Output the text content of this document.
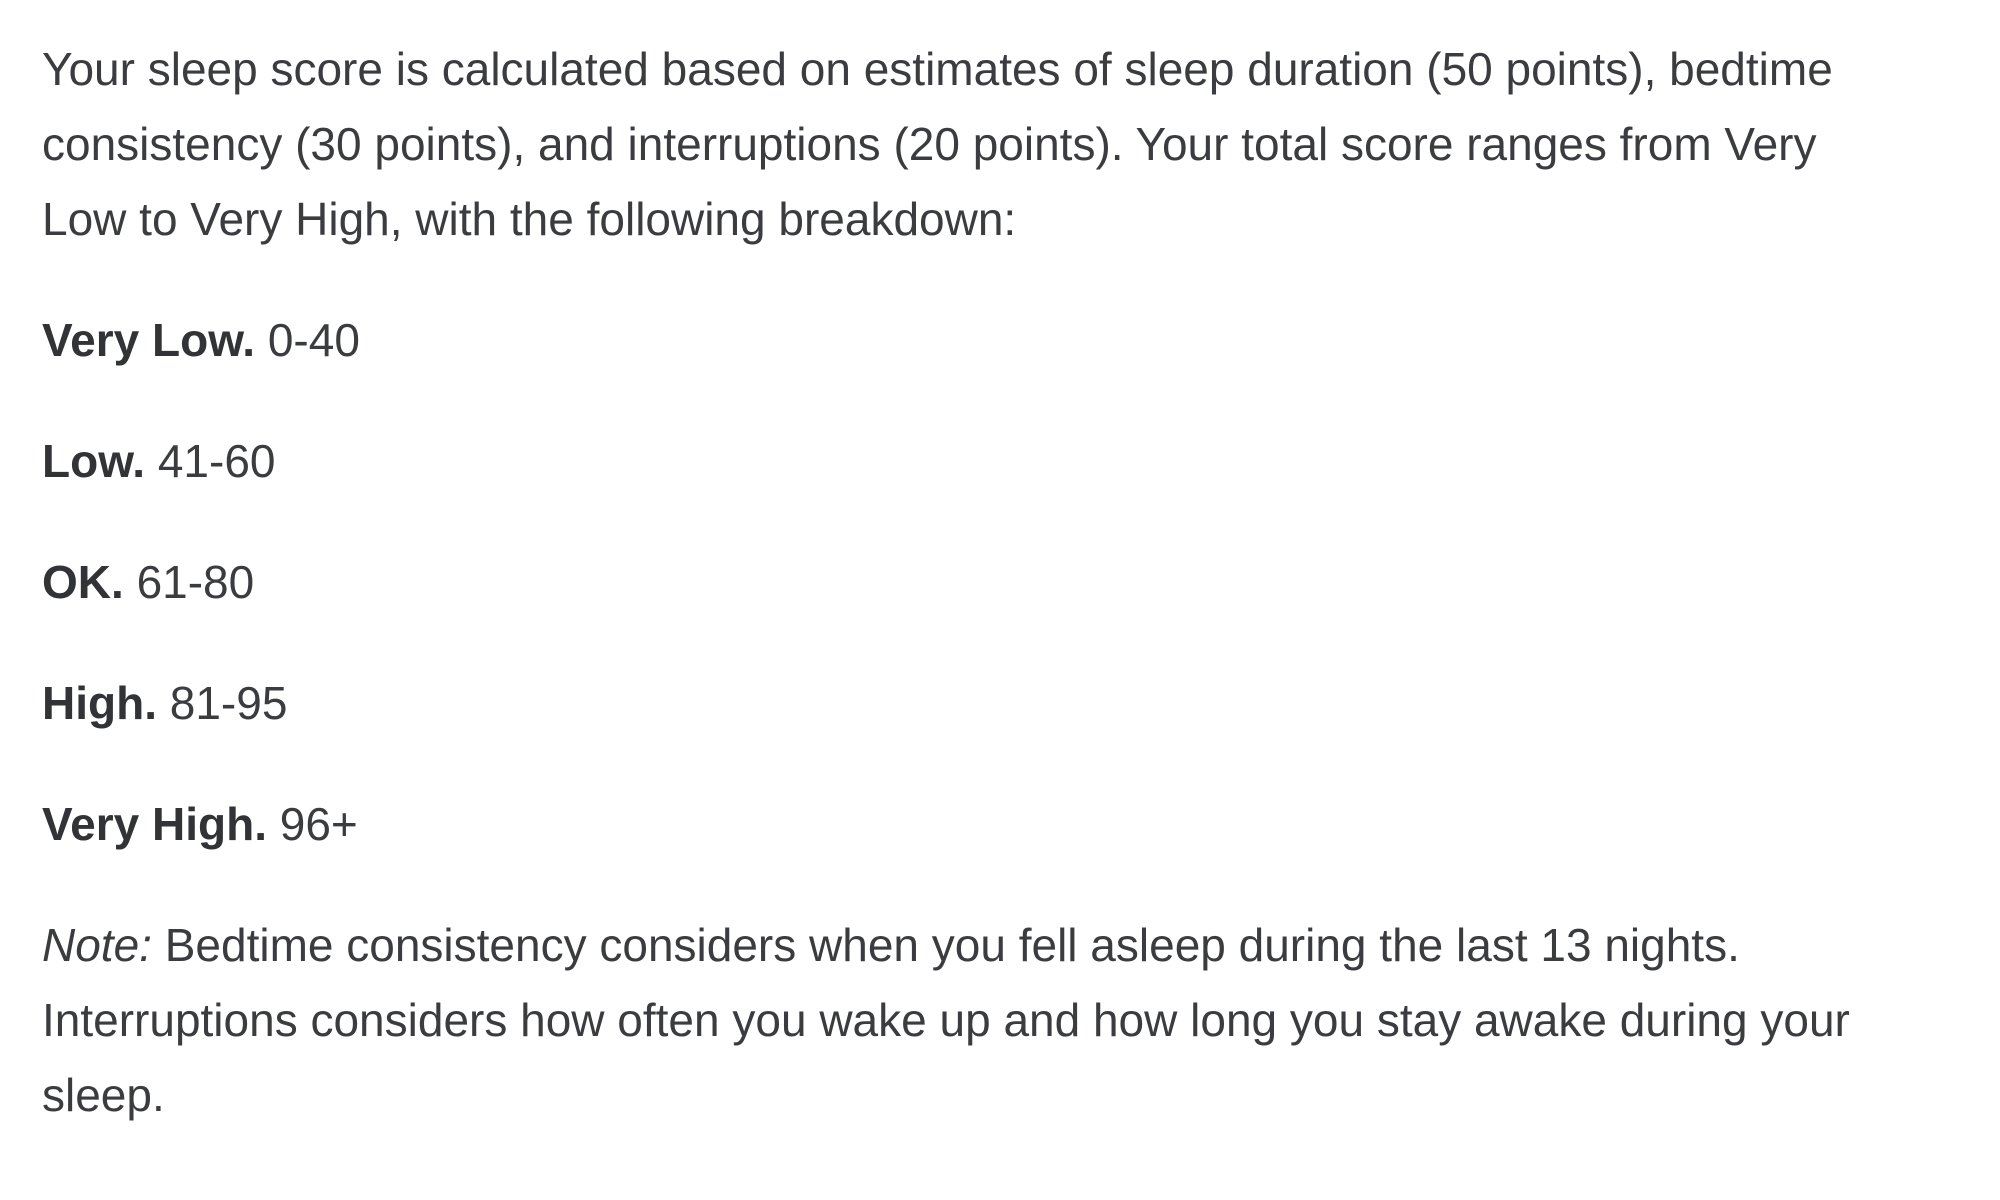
Your sleep score is calculated based on estimates of sleep duration (50 points), bedtime consistency (30 points), and interruptions (20 points). Your total score ranges from Very Low to Very High, with the following breakdown:

Very Low. 0-40

Low. 41-60

OK. 61-80

High. 81-95

Very High. 96+

Note: Bedtime consistency considers when you fell asleep during the last 13 nights. Interruptions considers how often you wake up and how long you stay awake during your sleep.
